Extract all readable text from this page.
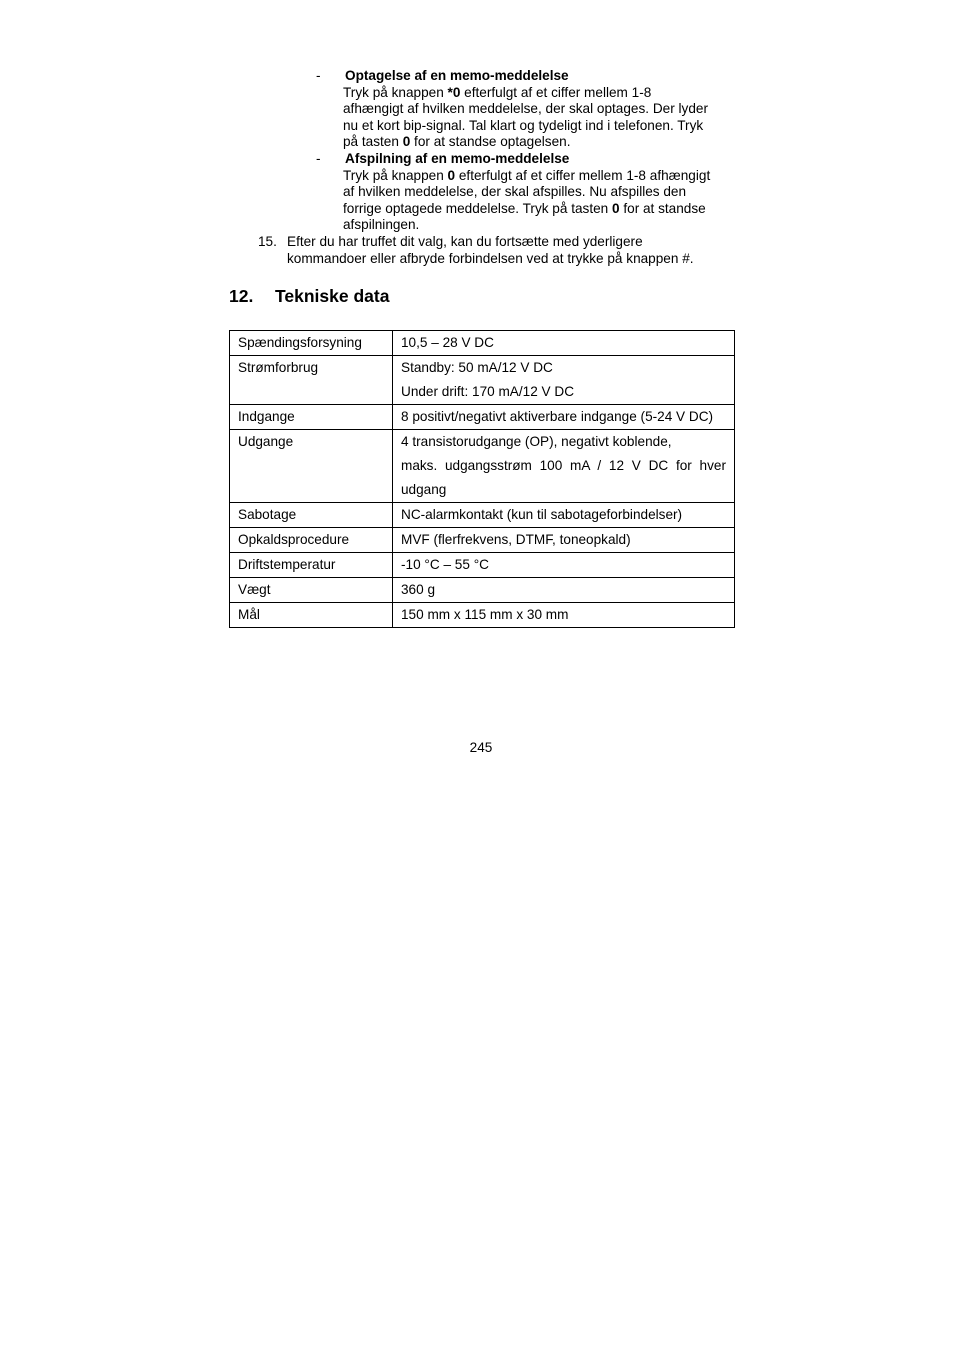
- Optagelse af en memo-meddelelse
Tryk på knappen *0 efterfulgt af et ciffer mellem 1-8
afhængigt af hvilken meddelelse, der skal optages. Der lyder
nu et kort bip-signal. Tal klart og tydeligt ind i telefonen. Tryk
på tasten 0 for at standse optagelsen.
- Afspilning af en memo-meddelelse
Tryk på knappen 0 efterfulgt af et ciffer mellem 1-8 afhængigt
af hvilken meddelelse, der skal afspilles. Nu afspilles den
forrige optagede meddelelse. Tryk på tasten 0 for at standse
afspilningen.
15. Efter du har truffet dit valg, kan du fortsætte med yderligere
kommandoer eller afbryde forbindelsen ved at trykke på knappen #.
12. Tekniske data
Spændingsforsyning	10,5 – 28 V DC

Strømforbrug	Standby: 50 mA/12 V DC
Under drift: 170 mA/12 V DC

Indgange	8 positivt/negativt aktiverbare indgange (5-24 V DC)

Udgange	4 transistorudgange (OP), negativt koblende,
maks. udgangsstrøm 100 mA / 12 V DC for hver udgang

Sabotage	NC-alarmkontakt (kun til sabotageforbindelser)

Opkaldsprocedure	MVF (flerfrekvens, DTMF, toneopkald)

Driftstemperatur	-10 °C – 55 °C

Vægt	360 g

Mål	150 mm x 115 mm x 30 mm
245
